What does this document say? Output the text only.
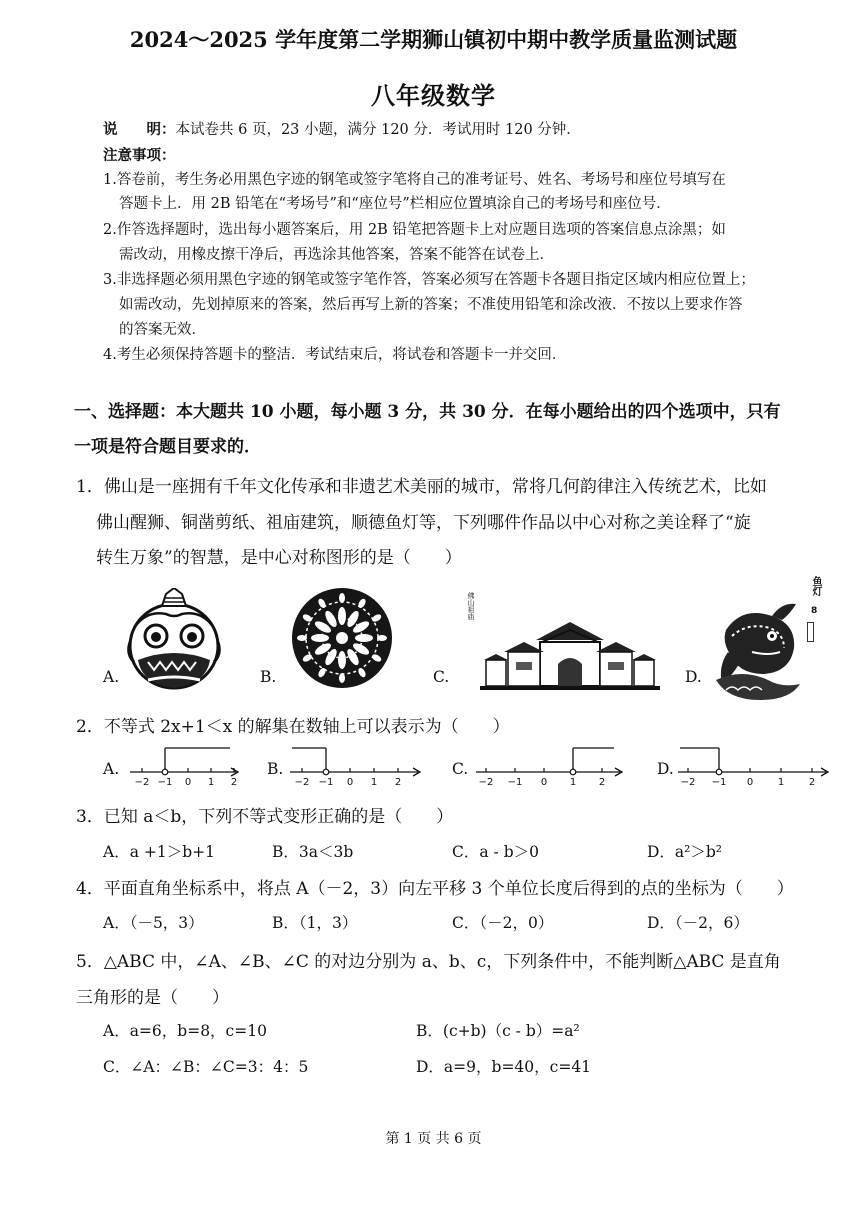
2024～2025 学年度第二学期狮山镇初中期中教学质量监测试题
八年级数学
说　　明：本试卷共 6 页，23 小题，满分 120 分．考试用时 120 分钟．
注意事项：
1.答卷前，考生务必用黑色字迹的钢笔或签字笔将自己的准考证号、姓名、考场号和座位号填写在
答题卡上．用 2B 铅笔在“考场号”和“座位号”栏相应位置填涂自己的考场号和座位号．
2.作答选择题时，选出每小题答案后，用 2B 铅笔把答题卡上对应题目选项的答案信息点涂黑；如
需改动，用橡皮擦干净后，再选涂其他答案，答案不能答在试卷上．
3.非选择题必须用黑色字迹的钢笔或签字笔作答，答案必须写在答题卡各题目指定区域内相应位置上；
如需改动，先划掉原来的答案，然后再写上新的答案；不准使用铅笔和涂改液．不按以上要求作答
的答案无效．
4.考生必须保持答题卡的整洁．考试结束后，将试卷和答题卡一并交回．
一、选择题：本大题共 10 小题，每小题 3 分，共 30 分．在每小题给出的四个选项中，只有
一项是符合题目要求的．
1．佛山是一座拥有千年文化传承和非遗艺术美丽的城市，常将几何韵律注入传统艺术，比如
佛山醒狮、铜凿剪纸、祖庙建筑，顺德鱼灯等，下列哪件作品以中心对称之美诠释了“旋
转生万象”的智慧，是中心对称图形的是（　　）
A.	B.	C.
佛山祖庙
D.
鱼灯
8
2．不等式 2x+1＜x 的解集在数轴上可以表示为（　　）
A.
−2 −1 0 1 2
B.
−2 −1 0 1 2
C.
−2 −1 0 1 2
D.
−2 −1 0 1 2
3．已知 a＜b，下列不等式变形正确的是（　　）
A．a +1＞b+1	B．3a＜3b	C．a - b＞0	D．a²＞b²
4．平面直角坐标系中，将点 A（－2，3）向左平移 3 个单位长度后得到的点的坐标为（　　）
A．（－5，3）	B．（1，3）	C．（－2，0）	D．（－2，6）
5．△ABC 中，∠A、∠B、∠C 的对边分别为 a、b、c，下列条件中，不能判断△ABC 是直角
三角形的是（　　）
A．a=6，b=8，c=10	B．(c+b)（c - b）=a²
C．∠A：∠B：∠C=3：4：5	D．a=9，b=40，c=41
第 1 页 共 6 页
